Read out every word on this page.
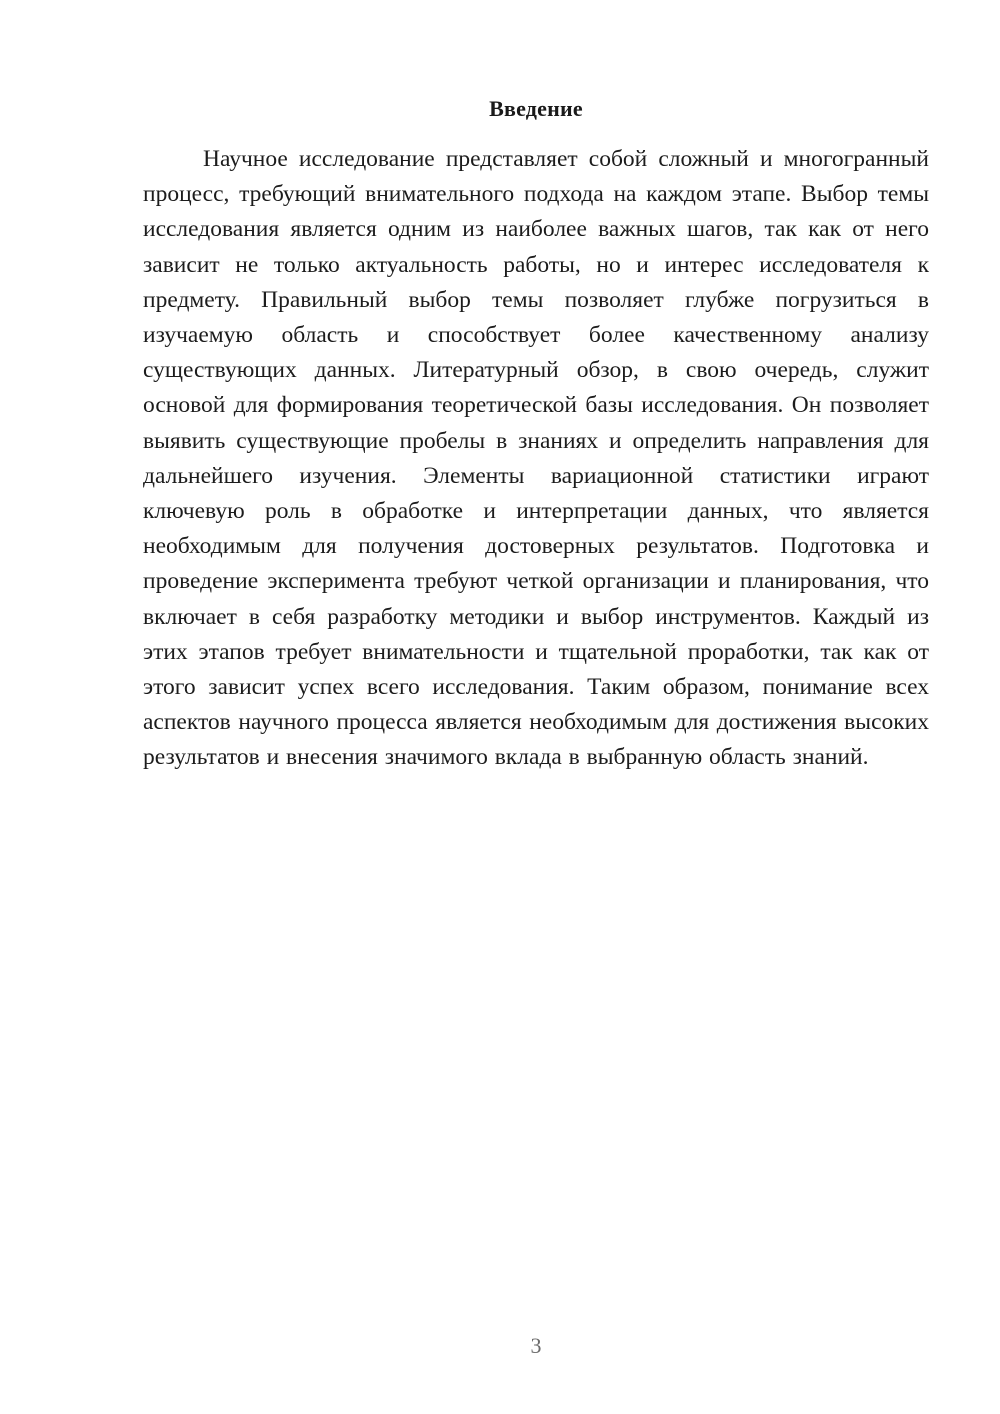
Введение

Научное исследование представляет собой сложный и многогранный процесс, требующий внимательного подхода на каждом этапе. Выбор темы исследования является одним из наиболее важных шагов, так как от него зависит не только актуальность работы, но и интерес исследователя к предмету. Правильный выбор темы позволяет глубже погрузиться в изучаемую область и способствует более качественному анализу существующих данных. Литературный обзор, в свою очередь, служит основой для формирования теоретической базы исследования. Он позволяет выявить существующие пробелы в знаниях и определить направления для дальнейшего изучения. Элементы вариационной статистики играют ключевую роль в обработке и интерпретации данных, что является необходимым для получения достоверных результатов. Подготовка и проведение эксперимента требуют четкой организации и планирования, что включает в себя разработку методики и выбор инструментов. Каждый из этих этапов требует внимательности и тщательной проработки, так как от этого зависит успех всего исследования. Таким образом, понимание всех аспектов научного процесса является необходимым для достижения высоких результатов и внесения значимого вклада в выбранную область знаний.

3
